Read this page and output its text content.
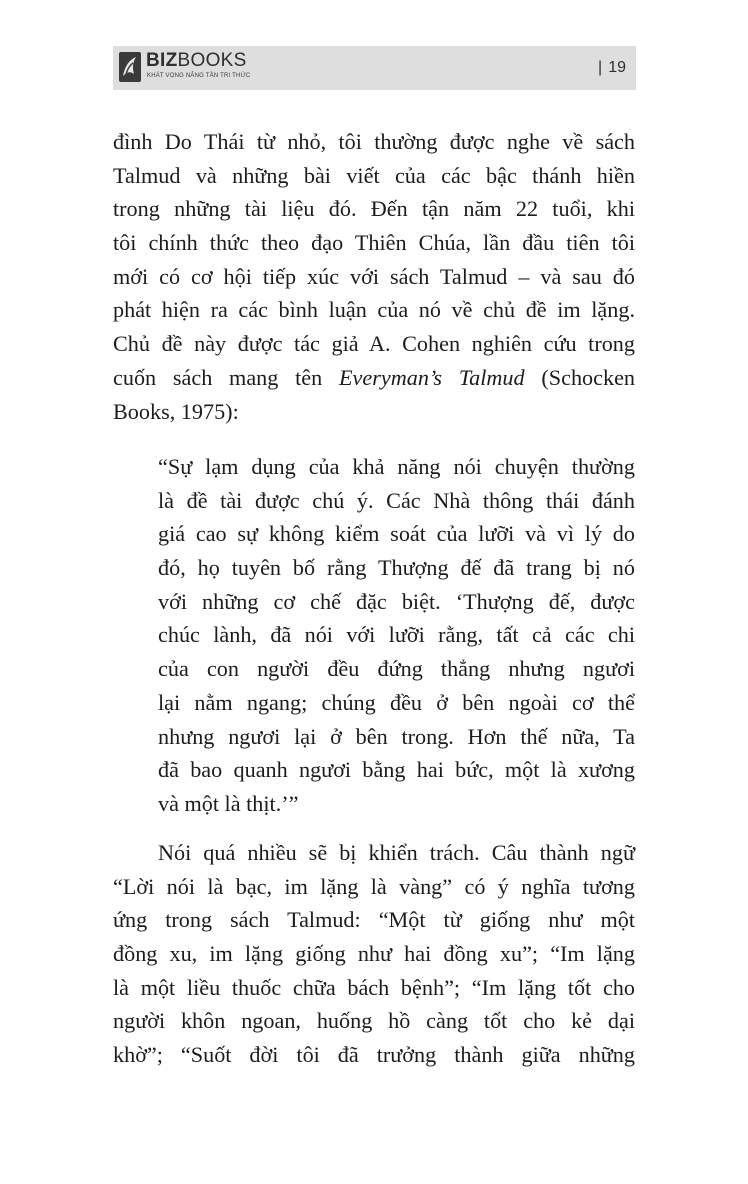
BIZBOOKS
KHÁT VỌNG NÂNG TẦN TRI THỨC	| 19
đình Do Thái từ nhỏ, tôi thường được nghe về sách
Talmud và những bài viết của các bậc thánh hiền
trong những tài liệu đó. Đến tận năm 22 tuổi, khi
tôi chính thức theo đạo Thiên Chúa, lần đầu tiên tôi
mới có cơ hội tiếp xúc với sách Talmud – và sau đó
phát hiện ra các bình luận của nó về chủ đề im lặng.
Chủ đề này được tác giả A. Cohen nghiên cứu trong
cuốn sách mang tên Everyman’s Talmud (Schocken
Books, 1975):
“Sự lạm dụng của khả năng nói chuyện thường
là đề tài được chú ý. Các Nhà thông thái đánh
giá cao sự không kiểm soát của lưỡi và vì lý do
đó, họ tuyên bố rằng Thượng đế đã trang bị nó
với những cơ chế đặc biệt. ‘Thượng đế, được
chúc lành, đã nói với lưỡi rằng, tất cả các chi
của con người đều đứng thẳng nhưng ngươi
lại nằm ngang; chúng đều ở bên ngoài cơ thể
nhưng ngươi lại ở bên trong. Hơn thế nữa, Ta
đã bao quanh ngươi bằng hai bức, một là xương
và một là thịt.’”
Nói quá nhiều sẽ bị khiển trách. Câu thành ngữ
“Lời nói là bạc, im lặng là vàng” có ý nghĩa tương
ứng trong sách Talmud: “Một từ giống như một
đồng xu, im lặng giống như hai đồng xu”; “Im lặng
là một liều thuốc chữa bách bệnh”; “Im lặng tốt cho
người khôn ngoan, huống hồ càng tốt cho kẻ dại
khờ”; “Suốt đời tôi đã trưởng thành giữa những
